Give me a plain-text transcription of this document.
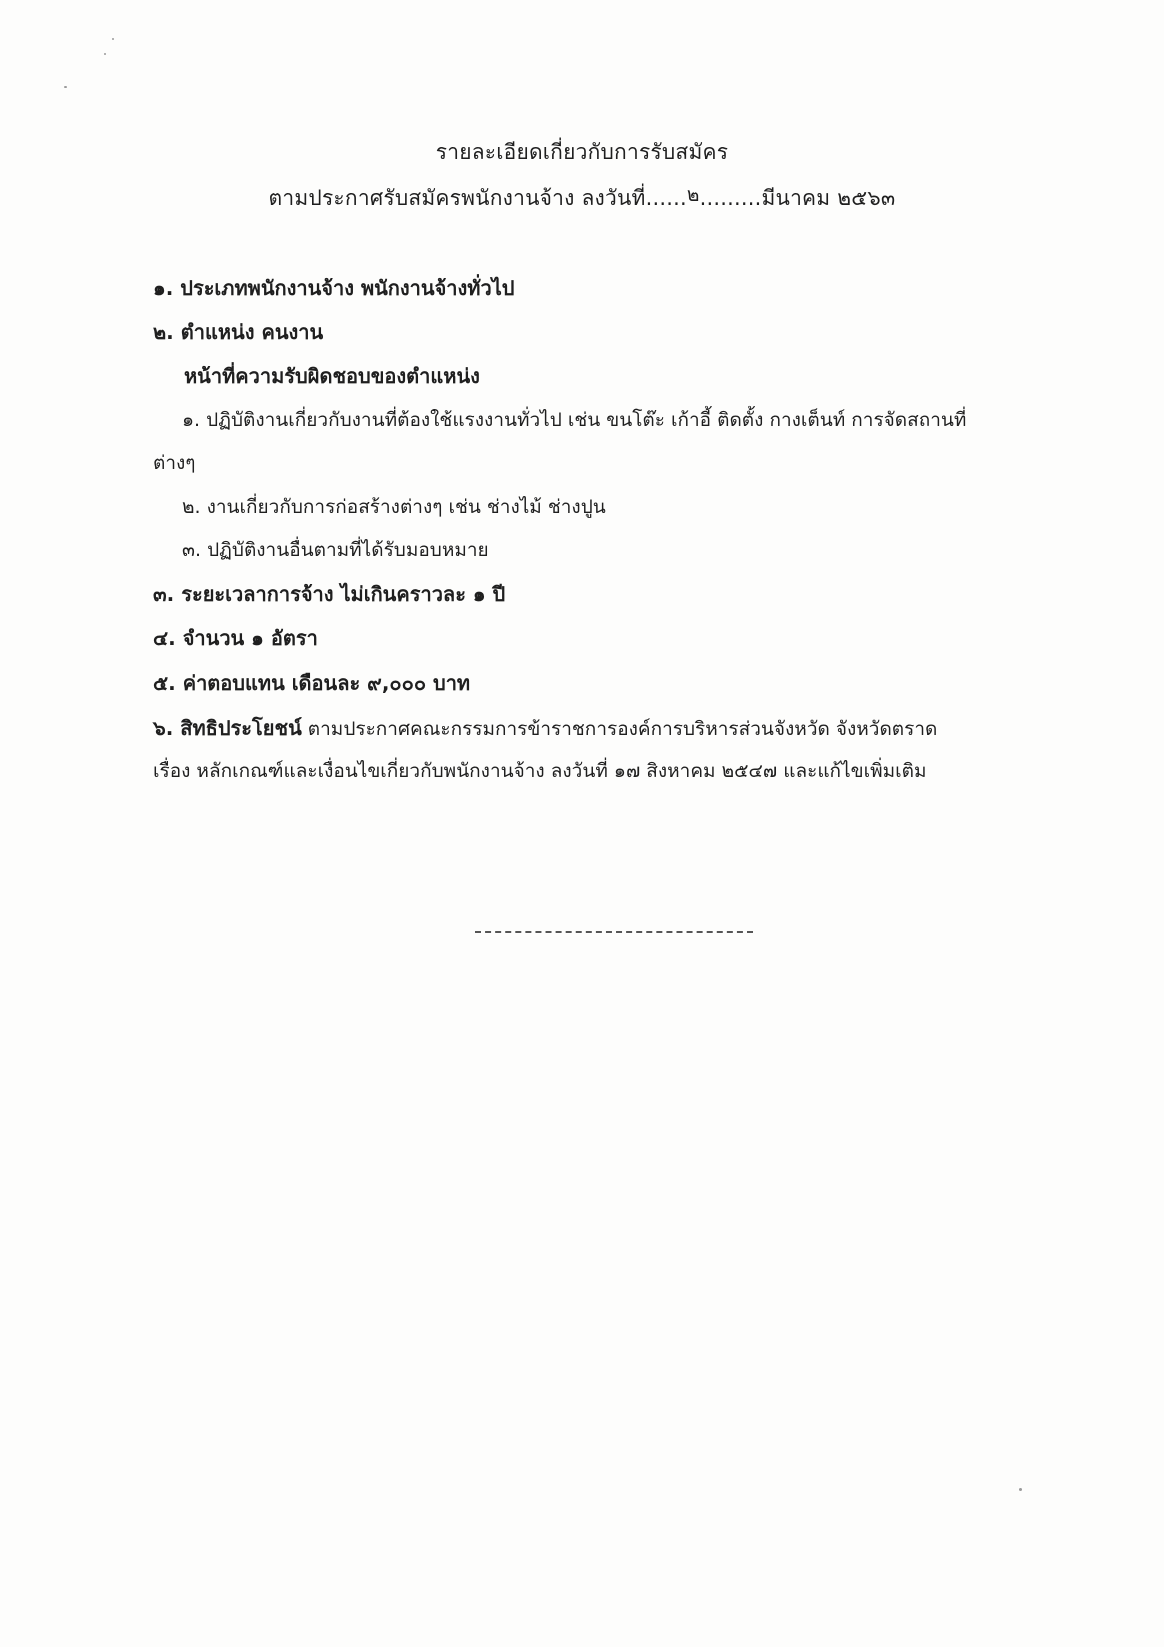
รายละเอียดเกี่ยวกับการรับสมัคร
ตามประกาศรับสมัครพนักงานจ้าง ลงวันที่......๒.........มีนาคม ๒๕๖๓
๑. ประเภทพนักงานจ้าง พนักงานจ้างทั่วไป
๒. ตำแหน่ง คนงาน
หน้าที่ความรับผิดชอบของตำแหน่ง
๑. ปฏิบัติงานเกี่ยวกับงานที่ต้องใช้แรงงานทั่วไป เช่น ขนโต๊ะ เก้าอี้ ติดตั้ง กางเต็นท์ การจัดสถานที่
ต่างๆ
๒. งานเกี่ยวกับการก่อสร้างต่างๆ เช่น ช่างไม้ ช่างปูน
๓. ปฏิบัติงานอื่นตามที่ได้รับมอบหมาย
๓. ระยะเวลาการจ้าง ไม่เกินคราวละ ๑ ปี
๔. จำนวน ๑ อัตรา
๕. ค่าตอบแทน เดือนละ ๙,๐๐๐ บาท
๖. สิทธิประโยชน์ ตามประกาศคณะกรรมการข้าราชการองค์การบริหารส่วนจังหวัด จังหวัดตราด
เรื่อง หลักเกณฑ์และเงื่อนไขเกี่ยวกับพนักงานจ้าง ลงวันที่ ๑๗ สิงหาคม ๒๕๔๗ และแก้ไขเพิ่มเติม
